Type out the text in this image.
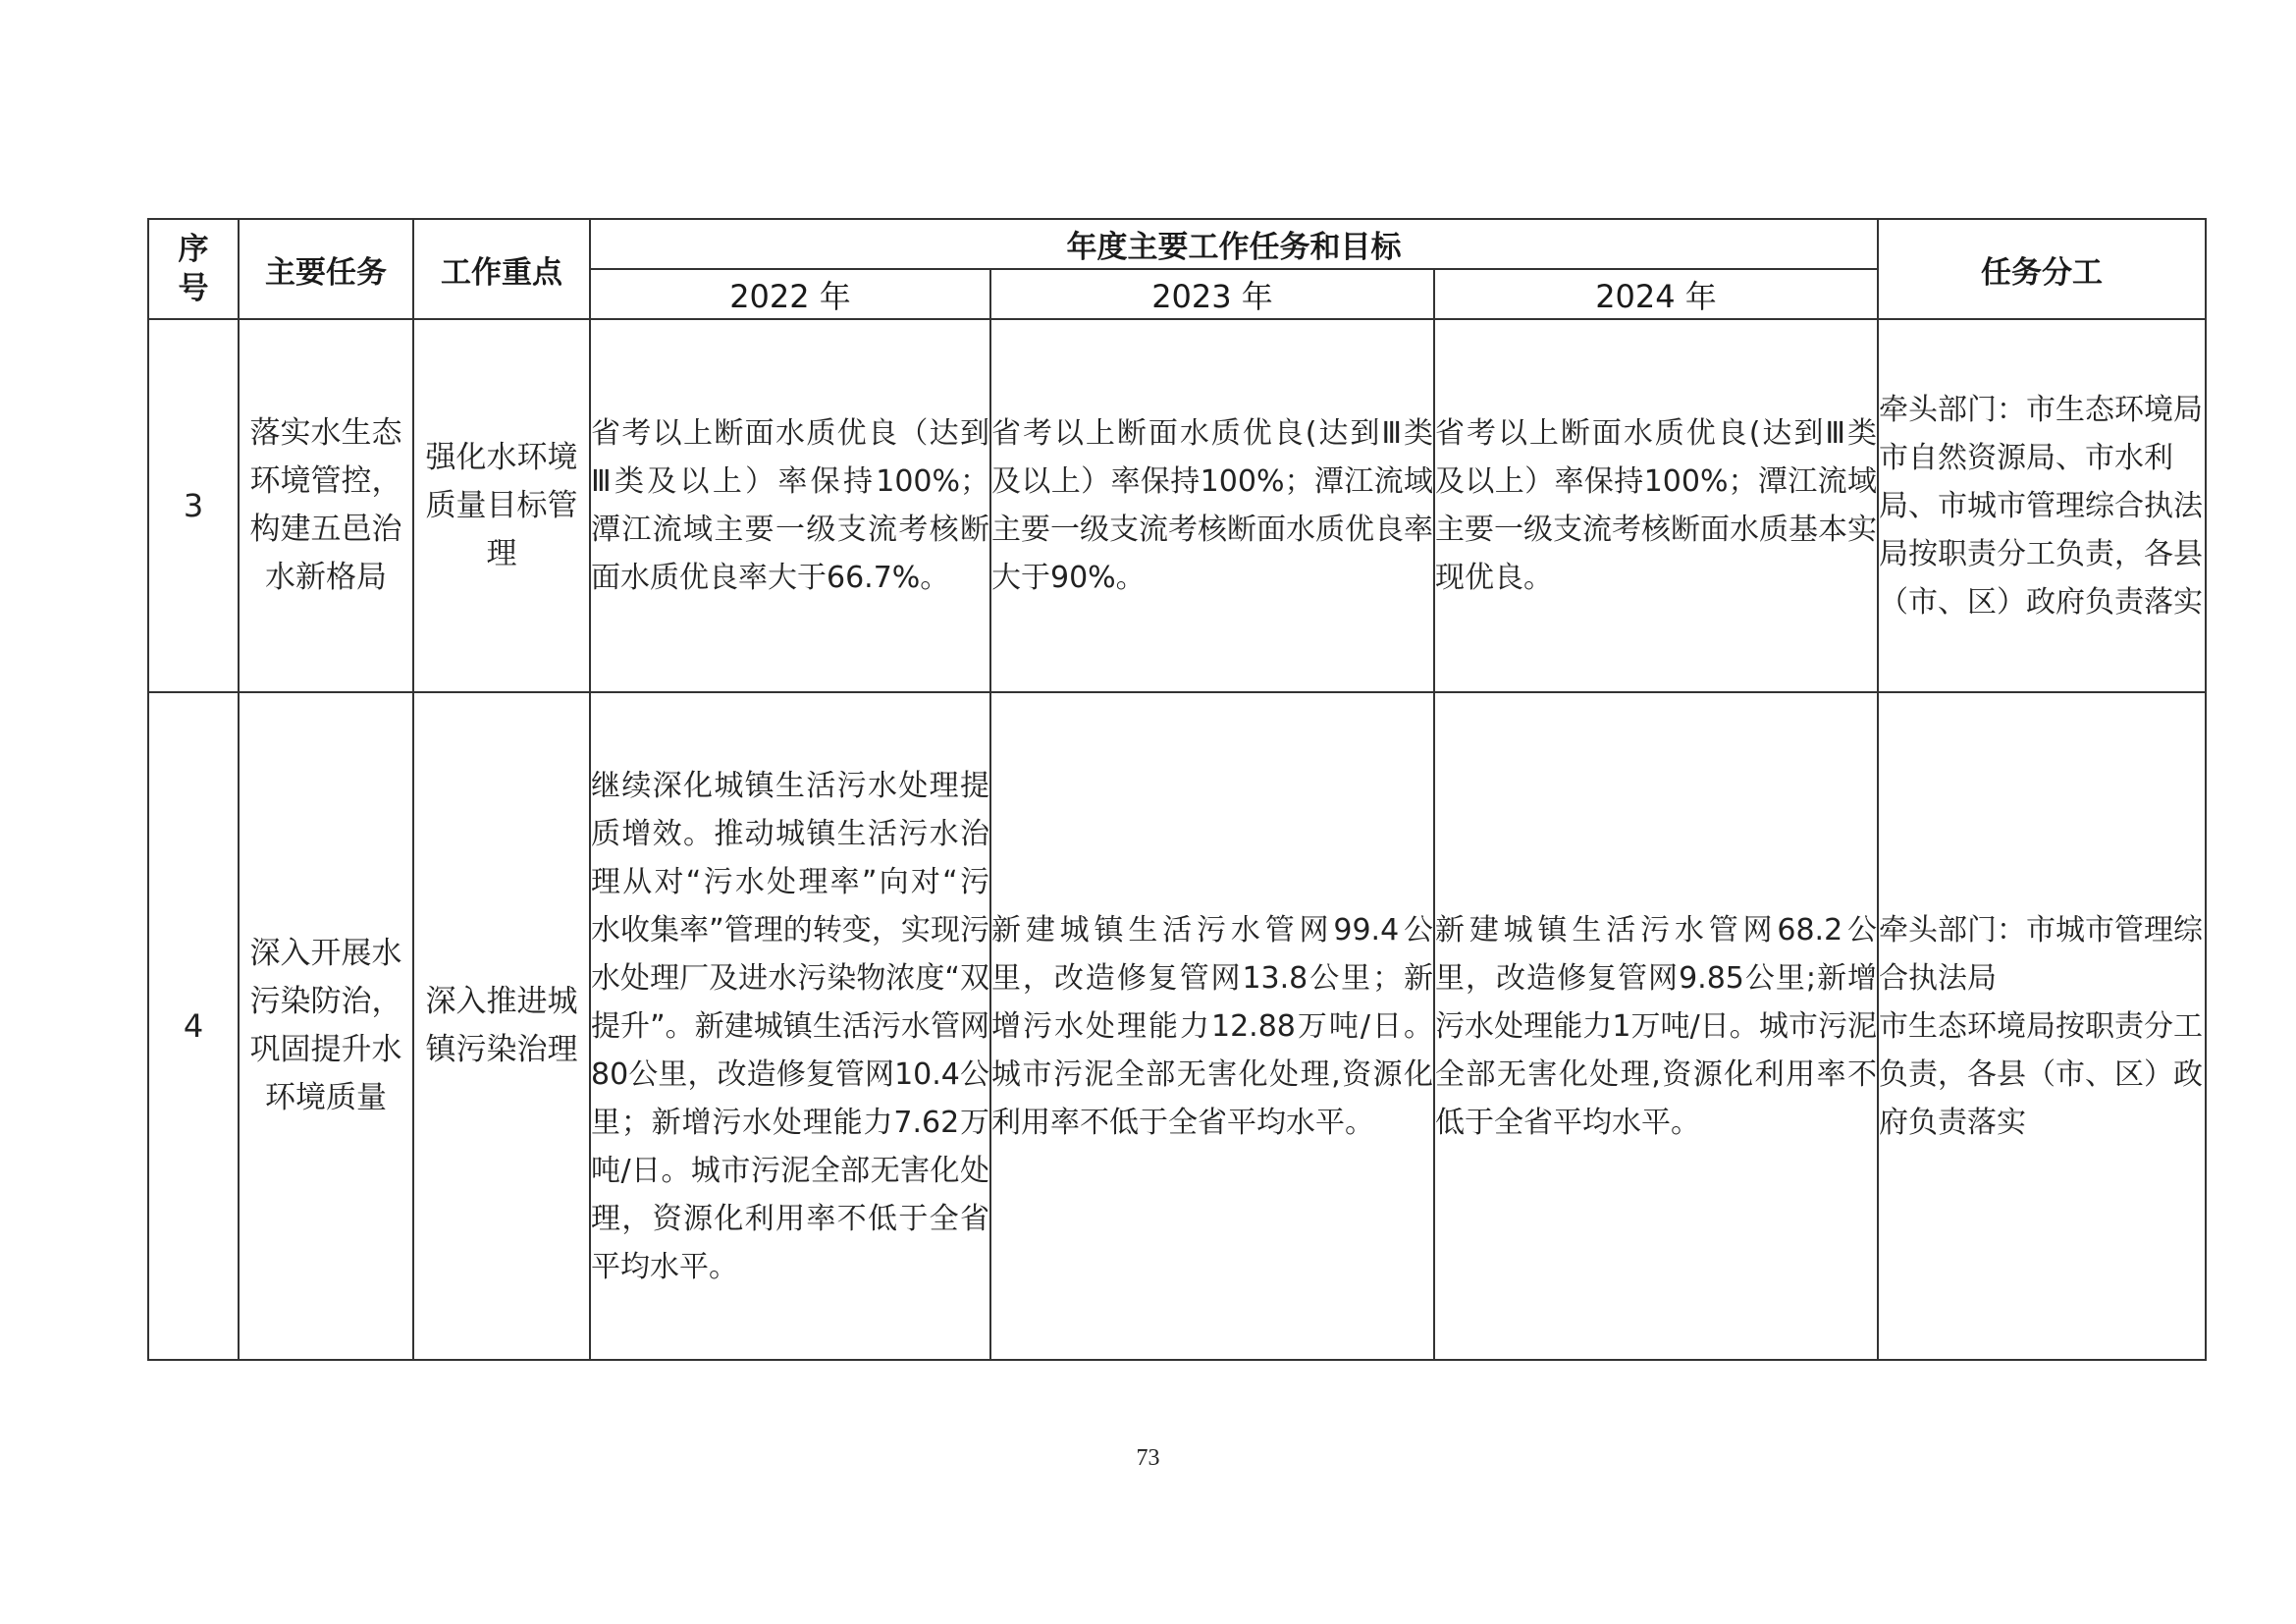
序号	主要任务	工作重点	年度主要工作任务和目标			任务分工
			2022 年	2023 年	2024 年	
3	落实水生态环境管控，构建五邑治水新格局	强化水环境质量目标管理	省考以上断面水质优良（达到Ⅲ类及以上）率保持100%；潭江流域主要一级支流考核断面水质优良率大于66.7%。	省考以上断面水质优良(达到Ⅲ类及以上）率保持100%；潭江流域主要一级支流考核断面水质优良率大于90%。	省考以上断面水质优良(达到Ⅲ类及以上）率保持100%；潭江流域主要一级支流考核断面水质基本实现优良。	牵头部门：市生态环境局
市自然资源局、市水利局、市城市管理综合执法局按职责分工负责，各县（市、区）政府负责落实

4	深入开展水污染防治，巩固提升水环境质量	深入推进城镇污染治理	继续深化城镇生活污水处理提质增效。推动城镇生活污水治理从对“污水处理率”向对“污水收集率”管理的转变，实现污水处理厂及进水污染物浓度“双提升”。新建城镇生活污水管网80公里，改造修复管网10.4公里；新增污水处理能力7.62万吨/日。城市污泥全部无害化处理，资源化利用率不低于全省平均水平。	新建城镇生活污水管网99.4公里，改造修复管网13.8公里；新增污水处理能力12.88万吨/日。城市污泥全部无害化处理,资源化利用率不低于全省平均水平。	新建城镇生活污水管网68.2公里，改造修复管网9.85公里;新增污水处理能力1万吨/日。城市污泥全部无害化处理,资源化利用率不低于全省平均水平。	牵头部门：市城市管理综合执法局
市生态环境局按职责分工负责，各县（市、区）政府负责落实
73
